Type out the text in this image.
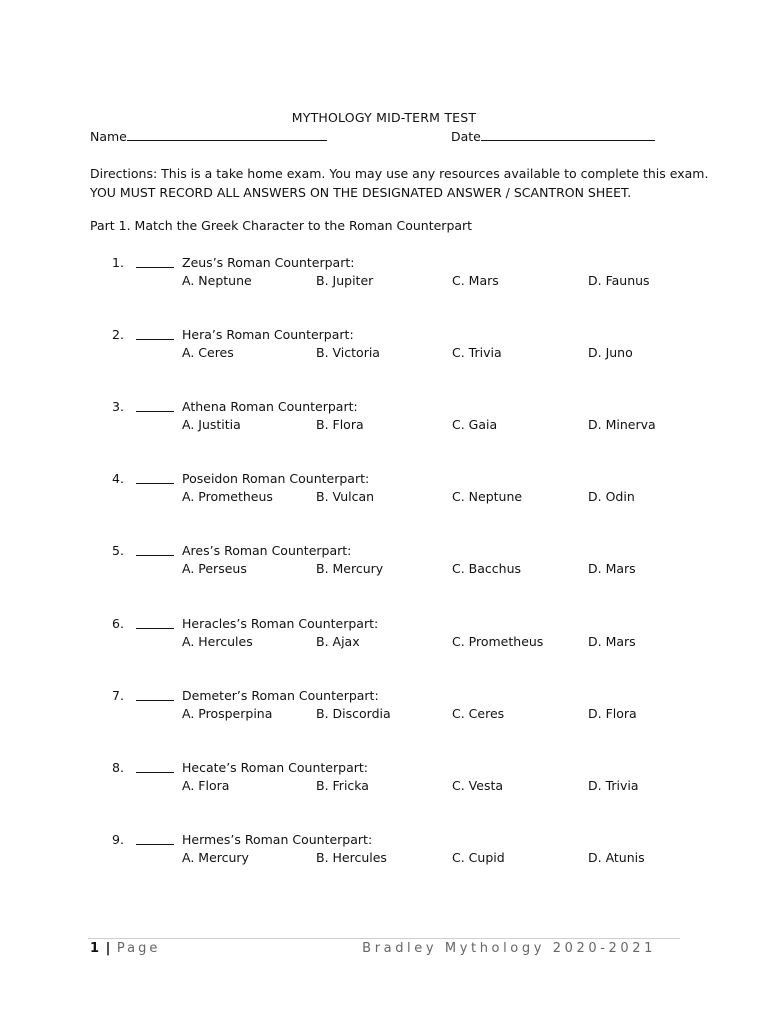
MYTHOLOGY MID-TERM TEST
Name	Date
Directions: This is a take home exam. You may use any resources available to complete this exam.
YOU MUST RECORD ALL ANSWERS ON THE DESIGNATED ANSWER / SCANTRON SHEET.
Part 1. Match the Greek Character to the Roman Counterpart
1.	Zeus’s Roman Counterpart:
A. Neptune	B. Jupiter	C. Mars	D. Faunus
2.	Hera’s Roman Counterpart:
A. Ceres	B. Victoria	C. Trivia	D. Juno
3.	Athena Roman Counterpart:
A. Justitia	B. Flora	C. Gaia	D. Minerva
4.	Poseidon Roman Counterpart:
A. Prometheus	B. Vulcan	C. Neptune	D. Odin
5.	Ares’s Roman Counterpart:
A. Perseus	B. Mercury	C. Bacchus	D. Mars
6.	Heracles’s Roman Counterpart:
A. Hercules	B. Ajax	C. Prometheus	D. Mars
7.	Demeter’s Roman Counterpart:
A. Prosperpina	B. Discordia	C. Ceres	D. Flora
8.	Hecate’s Roman Counterpart:
A. Flora	B. Fricka	C. Vesta	D. Trivia
9.	Hermes’s Roman Counterpart:
A. Mercury	B. Hercules	C. Cupid	D. Atunis
1 | Page	Bradley Mythology 2020-2021
